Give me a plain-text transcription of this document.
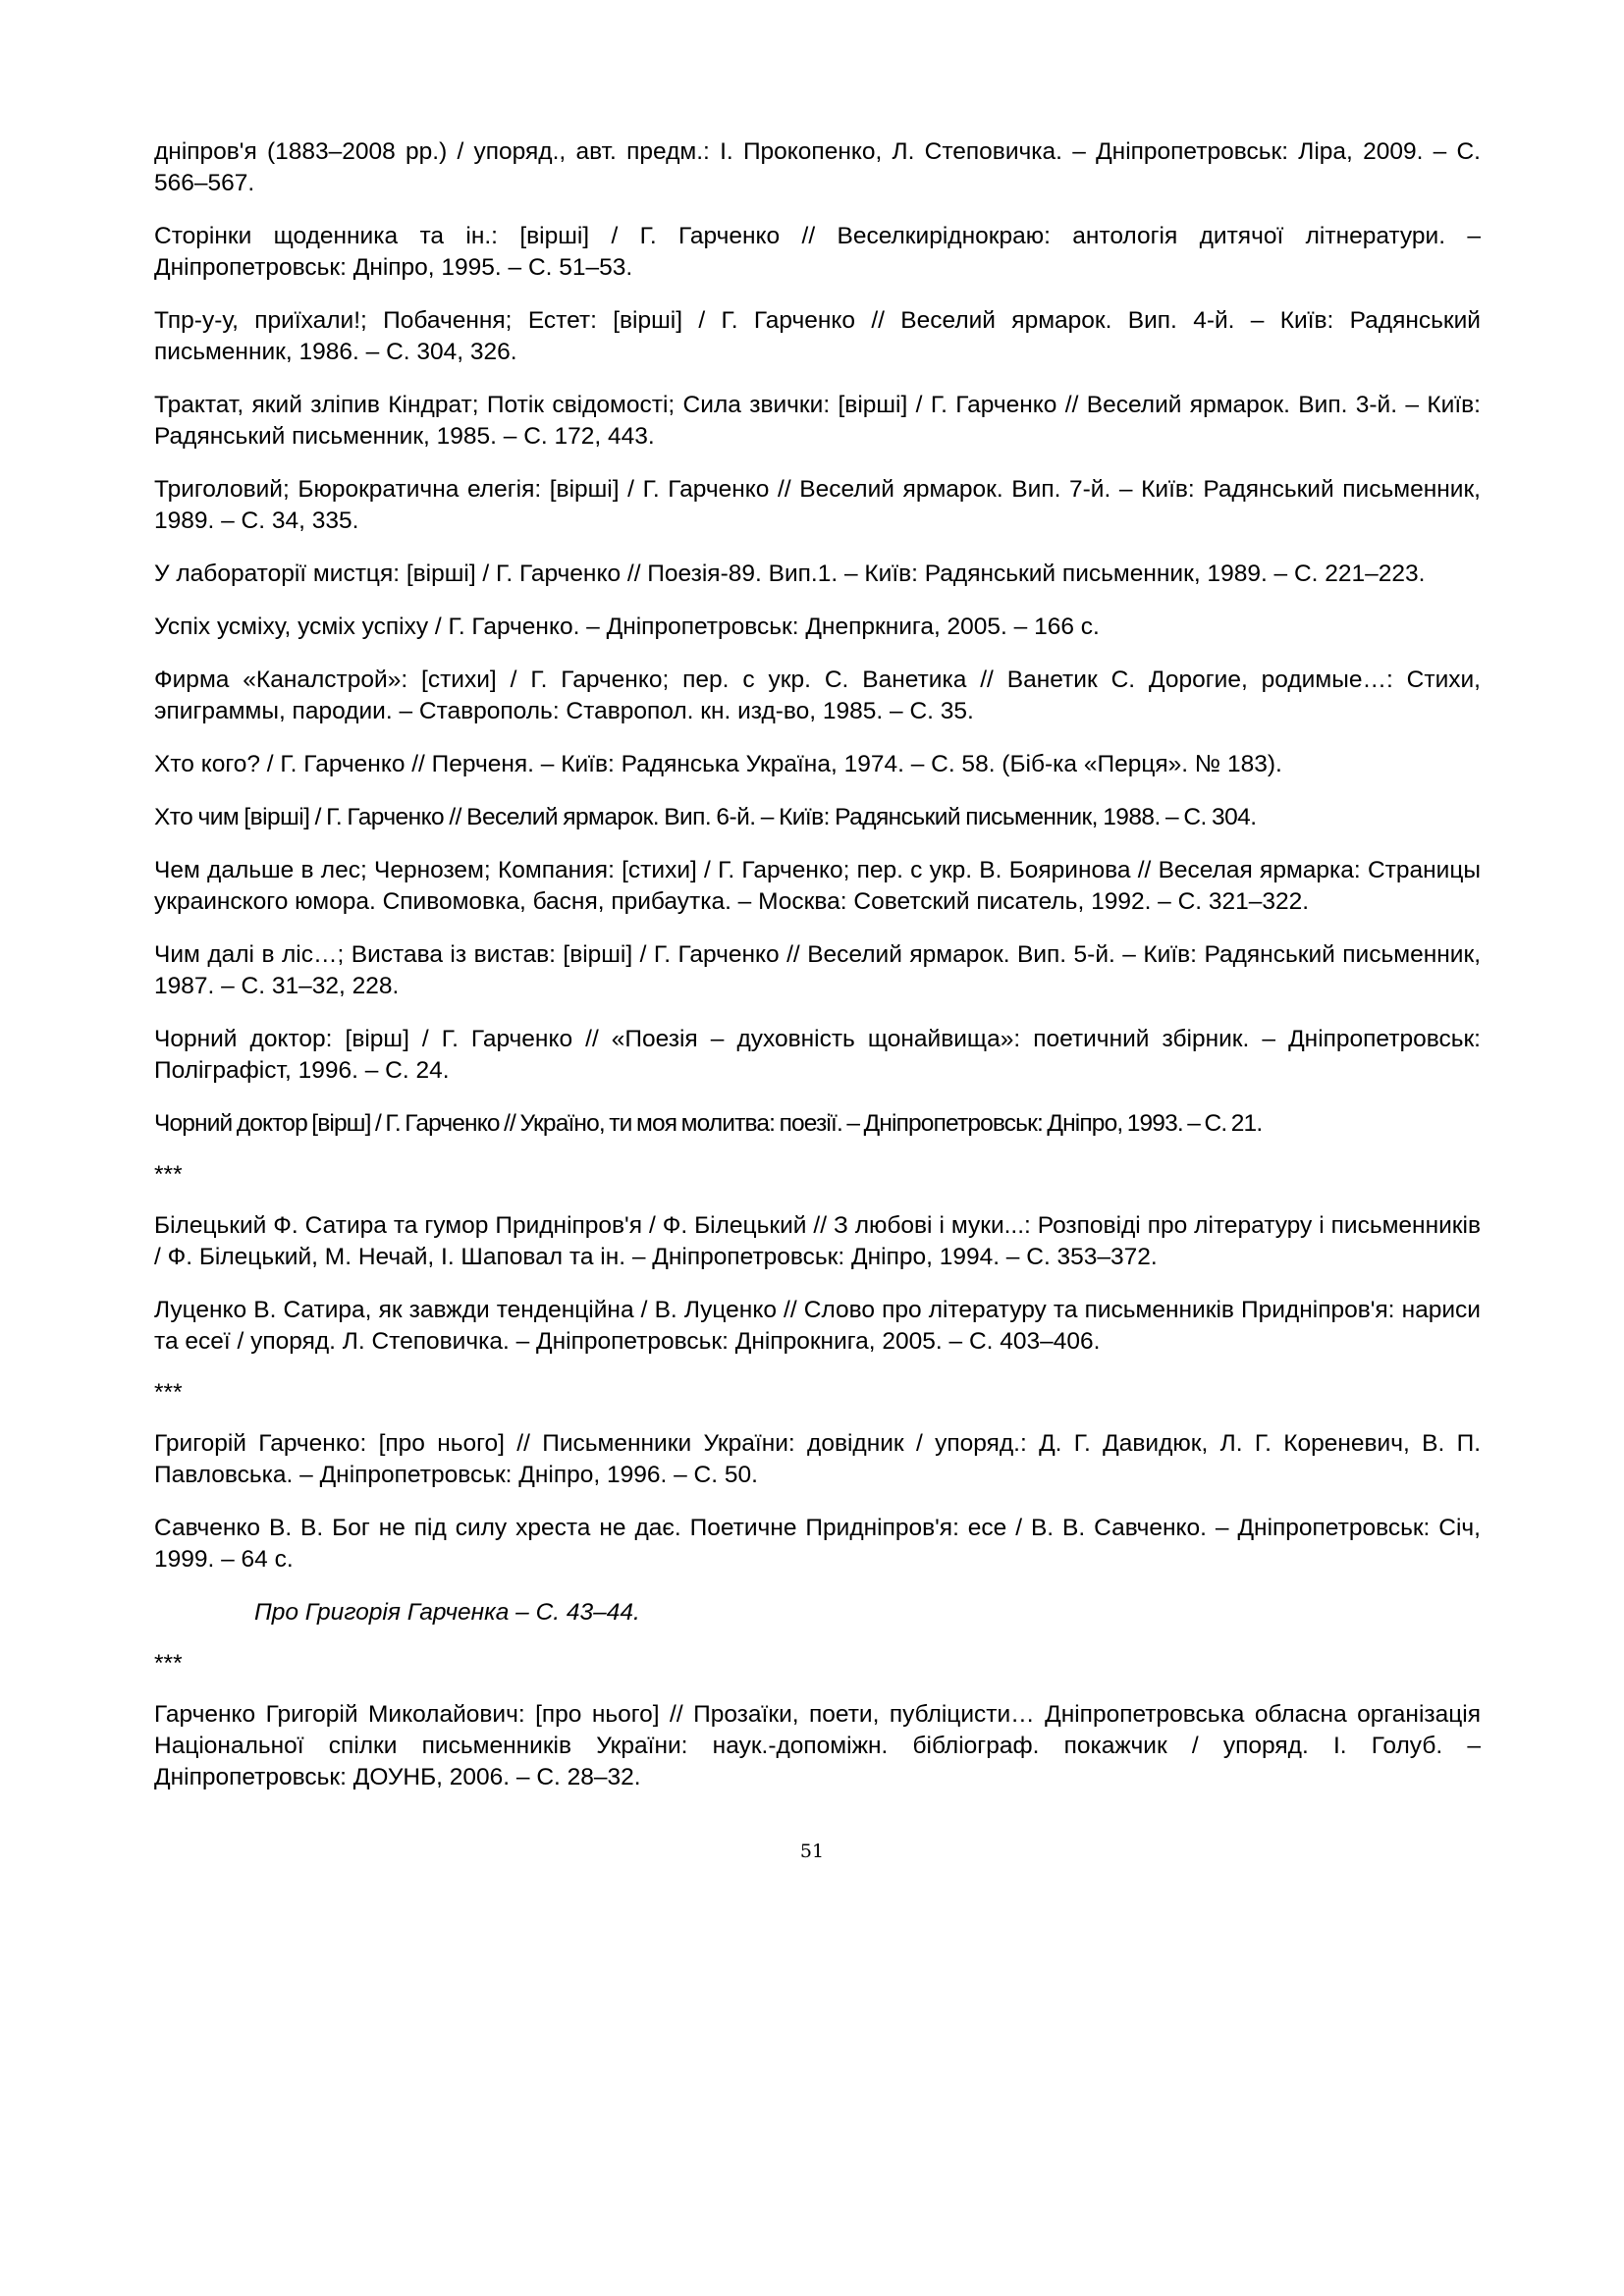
дніпров'я (1883–2008 рр.) / упоряд., авт. предм.: І. Прокопенко, Л. Степовичка. – Дніпропетровськ: Ліра, 2009. – С. 566–567.

Сторінки щоденника та ін.: [вірші] / Г. Гарченко // Веселкиріднокраю: антологія дитячої літнератури. – Дніпропетровськ: Дніпро, 1995. – С. 51–53.

Тпр-у-у, приїхали!; Побачення; Естет: [вірші] / Г. Гарченко // Веселий ярмарок. Вип. 4-й. – Київ: Радянський письменник, 1986. – С. 304, 326.

Трактат, який зліпив Кіндрат; Потік свідомості; Сила звички: [вірші] / Г. Гарченко // Веселий ярмарок. Вип. 3-й. – Київ: Радянський письменник, 1985. – С. 172, 443.

Триголовий; Бюрократична елегія: [вірші] / Г. Гарченко // Веселий ярмарок. Вип. 7-й. – Київ: Радянський письменник, 1989. – С. 34, 335.

У лабораторії мистця: [вірші] / Г. Гарченко // Поезія-89. Вип.1. – Київ: Радянський письменник, 1989. – С. 221–223.

Успіх усміху, усміх успіху / Г. Гарченко. – Дніпропетровськ: Днепркнига, 2005. – 166 с.

Фирма «Каналстрой»: [стихи] / Г. Гарченко; пер. с укр. С. Ванетика // Ванетик С. Дорогие, родимые…: Стихи, эпиграммы, пародии. – Ставрополь: Ставропол. кн. изд-во, 1985. – С. 35.

Хто кого? / Г. Гарченко // Перченя. – Київ: Радянська Україна, 1974. – С. 58. (Біб-ка «Перця». № 183).

Хто чим [вірші] / Г. Гарченко // Веселий ярмарок. Вип. 6-й. – Київ: Радянський письменник, 1988. – С. 304.

Чем дальше в лес; Чернозем; Компания: [стихи] / Г. Гарченко; пер. с укр. В. Бояринова // Веселая ярмарка: Страницы украинского юмора. Спивомовка, басня, прибаутка. – Москва: Советский писатель, 1992. – С. 321–322.

Чим далі в ліс…; Вистава із вистав: [вірші] / Г. Гарченко // Веселий ярмарок. Вип. 5-й. – Київ: Радянський письменник, 1987. – С. 31–32, 228.

Чорний доктор: [вірш] / Г. Гарченко // «Поезія – духовність щонайвища»: поетичний збірник. – Дніпропетровськ: Поліграфіст, 1996. – С. 24.

Чорний доктор [вірш] / Г. Гарченко // Україно, ти моя молитва: поезії. – Дніпропетровськ: Дніпро, 1993. – С. 21.

***

Білецький Ф. Сатира та гумор Придніпров'я / Ф. Білецький // З любові і муки...: Розповіді про літературу і письменників / Ф. Білецький, М. Нечай, І. Шаповал та ін. – Дніпропетровськ: Дніпро, 1994. – С. 353–372.

Луценко В. Сатира, як завжди тенденційна / В. Луценко // Слово про літературу та письменників Придніпров'я: нариси та есеї / упоряд. Л. Степовичка. – Дніпропетровськ: Дніпрокнига, 2005. – С. 403–406.

***

Григорій Гарченко: [про нього] // Письменники України: довідник / упоряд.: Д. Г. Давидюк, Л. Г. Кореневич, В. П. Павловська. – Дніпропетровськ: Дніпро, 1996. – С. 50.

Савченко В. В. Бог не під силу хреста не дає. Поетичне Придніпров'я: есе / В. В. Савченко. – Дніпропетровськ: Січ, 1999. – 64 с.

Про Григорія Гарченка – С. 43–44.

***

Гарченко Григорій Миколайович: [про нього] // Прозаїки, поети, публіцисти… Дніпропетровська обласна організація Національної спілки письменників України: наук.-допоміжн. бібліограф. покажчик / упоряд. І. Голуб. – Дніпропетровськ: ДОУНБ, 2006. – С. 28–32.

51
